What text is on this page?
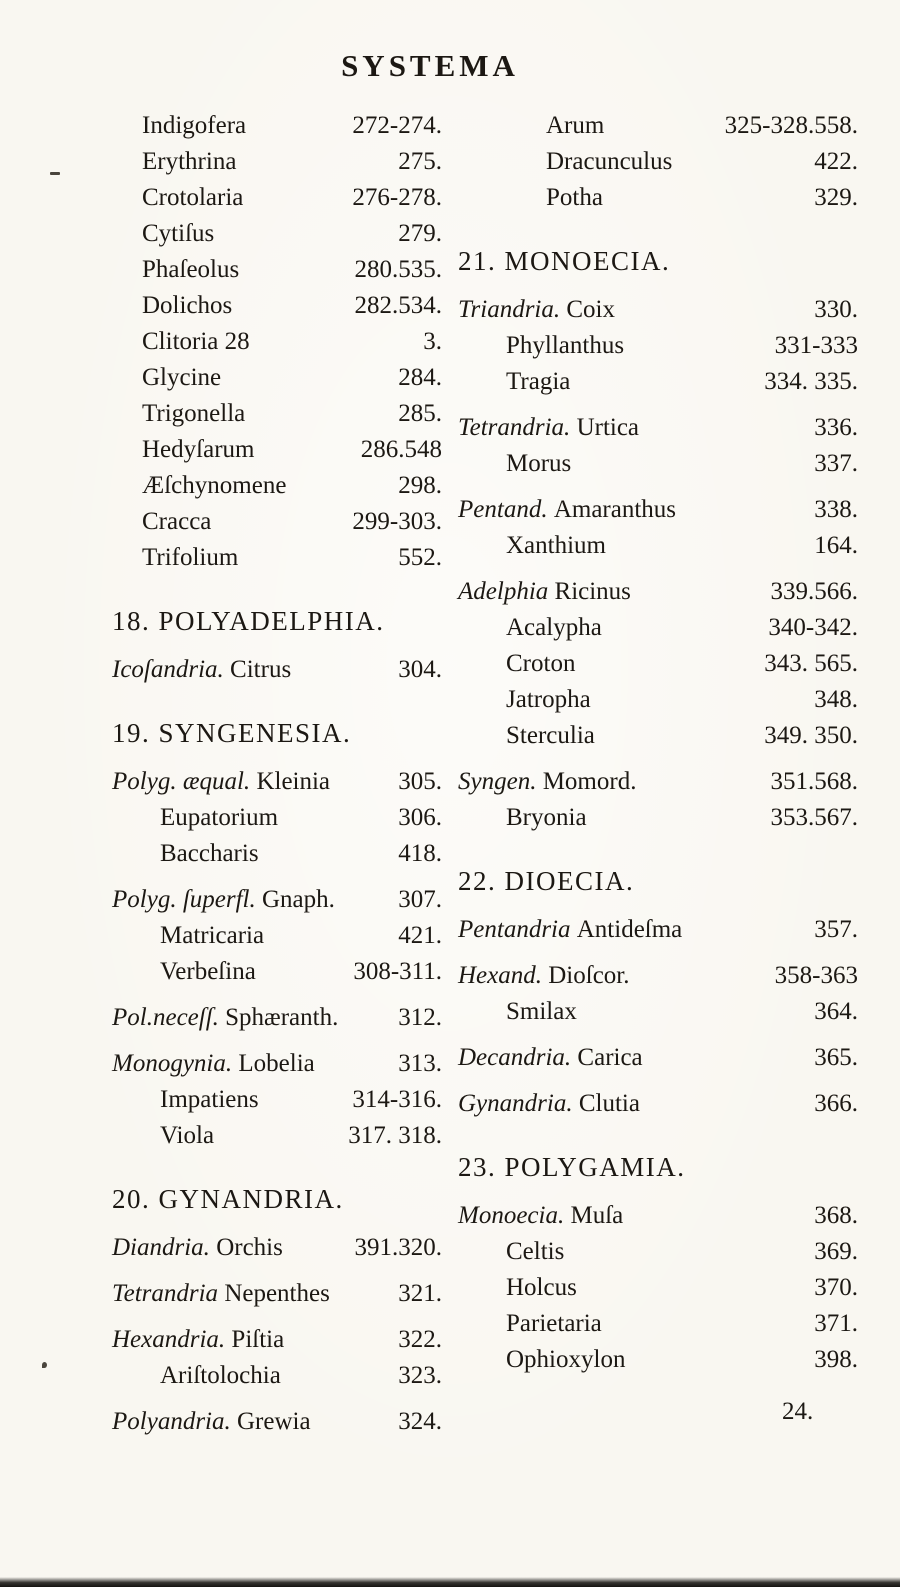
SYSTEMA
Indigofera	272-274.
Erythrina	275.
Crotolaria	276-278.
Cytiſus	279.
Phaſeolus	280.535.
Dolichos	282.534.
Clitoria 28	3.
Glycine	284.
Trigonella	285.
Hedyſarum	286.548
Æſchynomene	298.
Cracca	299-303.
Trifolium	552.
18. POLYADELPHIA.
Icoſandria. Citrus	304.
19. SYNGENESIA.
Polyg. æqual. Kleinia	305.
Eupatorium	306.
Baccharis	418.
Polyg. ſuperfl. Gnaph.	307.
Matricaria	421.
Verbeſina	308-311.
Pol.neceſſ. Sphæranth. 312.
Monogynia. Lobelia	313.
Impatiens	314-316.
Viola	317. 318.
20. GYNANDRIA.
Diandria. Orchis	391.320.
Tetrandria Nepenthes	321.
Hexandria. Piſtia	322.
Ariſtolochia	323.
Polyandria. Grewia	324.
Arum	325-328.558.
Dracunculus	422.
Potha	329.
21. MONOECIA.
Triandria. Coix	330.
Phyllanthus	331-333
Tragia	334. 335.
Tetrandria. Urtica	336.
Morus	337.
Pentand. Amaranthus	338.
Xanthium	164.
Adelphia Ricinus	339.566.
Acalypha	340-342.
Croton	343. 565.
Jatropha	348.
Sterculia	349. 350.
Syngen. Momord.	351.568.
Bryonia	353.567.
22. DIOECIA.
Pentandria Antideſma	357.
Hexand. Dioſcor.	358-363
Smilax	364.
Decandria. Carica	365.
Gynandria. Clutia	366.
23. POLYGAMIA.
Monoecia. Muſa	368.
Celtis	369.
Holcus	370.
Parietaria	371.
Ophioxylon	398.
24.
